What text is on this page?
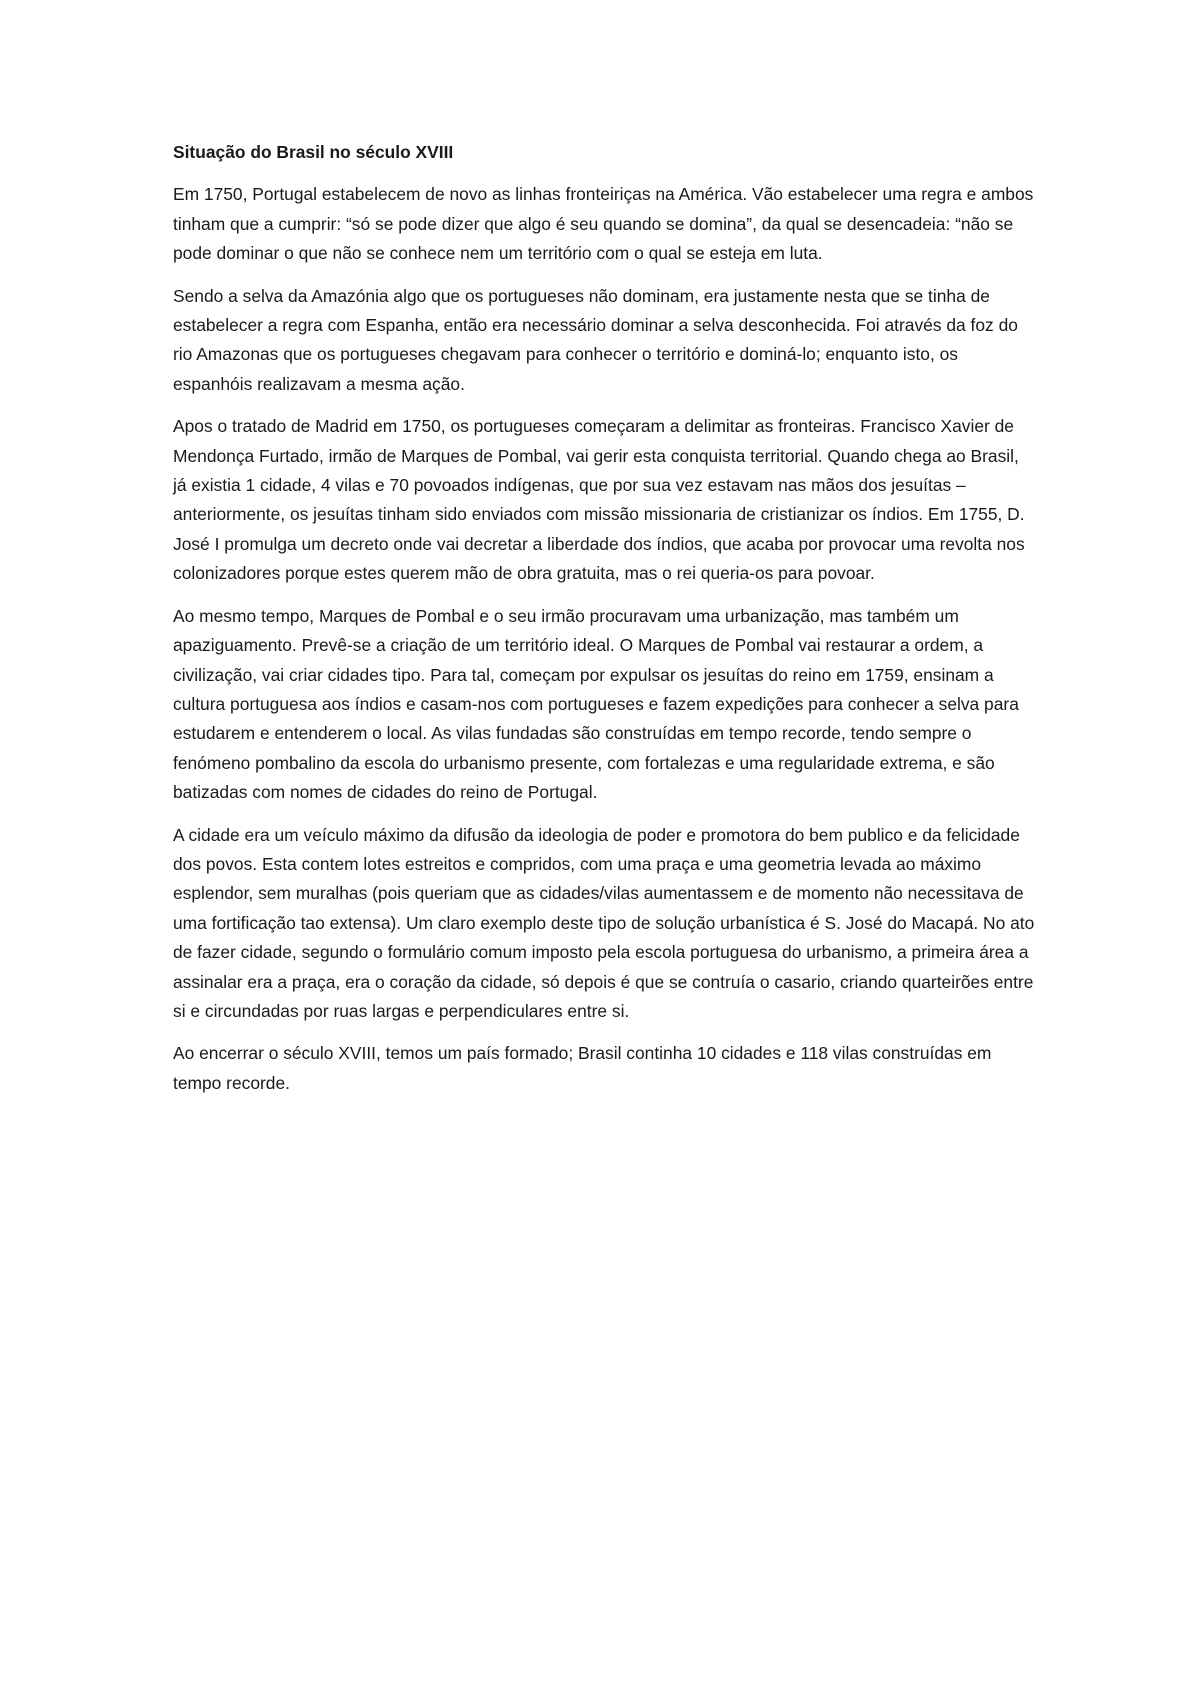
Situação do Brasil no século XVIII

Em 1750, Portugal estabelecem de novo as linhas fronteiriças na América. Vão estabelecer uma regra e ambos tinham que a cumprir: “só se pode dizer que algo é seu quando se domina”, da qual se desencadeia: “não se pode dominar o que não se conhece nem um território com o qual se esteja em luta.

Sendo a selva da Amazónia algo que os portugueses não dominam, era justamente nesta que se tinha de estabelecer a regra com Espanha, então era necessário dominar a selva desconhecida. Foi através da foz do rio Amazonas que os portugueses chegavam para conhecer o território e dominá-lo; enquanto isto, os espanhóis realizavam a mesma ação.

Apos o tratado de Madrid em 1750, os portugueses começaram a delimitar as fronteiras. Francisco Xavier de Mendonça Furtado, irmão de Marques de Pombal, vai gerir esta conquista territorial. Quando chega ao Brasil, já existia 1 cidade, 4 vilas e 70 povoados indígenas, que por sua vez estavam nas mãos dos jesuítas – anteriormente, os jesuítas tinham sido enviados com missão missionaria de cristianizar os índios. Em 1755, D. José I promulga um decreto onde vai decretar a liberdade dos índios, que acaba por provocar uma revolta nos colonizadores porque estes querem mão de obra gratuita, mas o rei queria-os para povoar.

Ao mesmo tempo, Marques de Pombal e o seu irmão procuravam uma urbanização, mas também um apaziguamento. Prevê-se a criação de um território ideal. O Marques de Pombal vai restaurar a ordem, a civilização, vai criar cidades tipo. Para tal, começam por expulsar os jesuítas do reino em 1759, ensinam a cultura portuguesa aos índios e casam-nos com portugueses e fazem expedições para conhecer a selva para estudarem e entenderem o local. As vilas fundadas são construídas em tempo recorde, tendo sempre o fenómeno pombalino da escola do urbanismo presente, com fortalezas e uma regularidade extrema, e são batizadas com nomes de cidades do reino de Portugal.

A cidade era um veículo máximo da difusão da ideologia de poder e promotora do bem publico e da felicidade dos povos. Esta contem lotes estreitos e compridos, com uma praça e uma geometria levada ao máximo esplendor, sem muralhas (pois queriam que as cidades/vilas aumentassem e de momento não necessitava de uma fortificação tao extensa). Um claro exemplo deste tipo de solução urbanística é S. José do Macapá. No ato de fazer cidade, segundo o formulário comum imposto pela escola portuguesa do urbanismo, a primeira área a assinalar era a praça, era o coração da cidade, só depois é que se contruía o casario, criando quarteirões entre si e circundadas por ruas largas e perpendiculares entre si.

Ao encerrar o século XVIII, temos um país formado; Brasil continha 10 cidades e 118 vilas construídas em tempo recorde.
